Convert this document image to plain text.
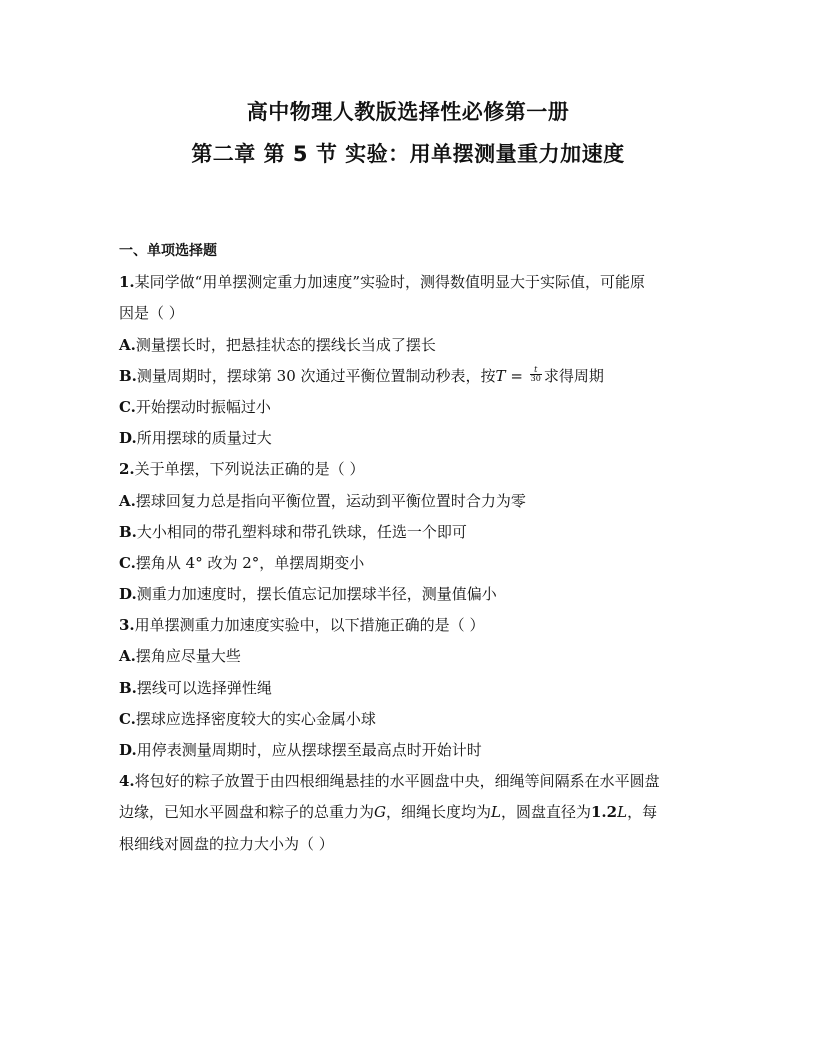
高中物理人教版选择性必修第一册
第二章 第 5 节 实验：用单摆测量重力加速度
一、单项选择题
1.某同学做“用单摆测定重力加速度”实验时，测得数值明显大于实际值，可能原
因是（ ）
A.测量摆长时，把悬挂状态的摆线长当成了摆长
B.测量周期时，摆球第 30 次通过平衡位置制动秒表，按$T = \frac{t}{30}$ 求得周期
C.开始摆动时振幅过小
D.所用摆球的质量过大
2.关于单摆，下列说法正确的是（ ）
A.摆球回复力总是指向平衡位置，运动到平衡位置时合力为零
B.大小相同的带孔塑料球和带孔铁球，任选一个即可
C.摆角从 4° 改为 2°，单摆周期变小
D.测重力加速度时，摆长值忘记加摆球半径，测量值偏小
3.用单摆测重力加速度实验中，以下措施正确的是（ ）
A.摆角应尽量大些
B.摆线可以选择弹性绳
C.摆球应选择密度较大的实心金属小球
D.用停表测量周期时，应从摆球摆至最高点时开始计时
4.将包好的粽子放置于由四根细绳悬挂的水平圆盘中央，细绳等间隔系在水平圆盘
边缘，已知水平圆盘和粽子的总重力为G，细绳长度均为L，圆盘直径为1.2L，每
根细线对圆盘的拉力大小为（ ）
